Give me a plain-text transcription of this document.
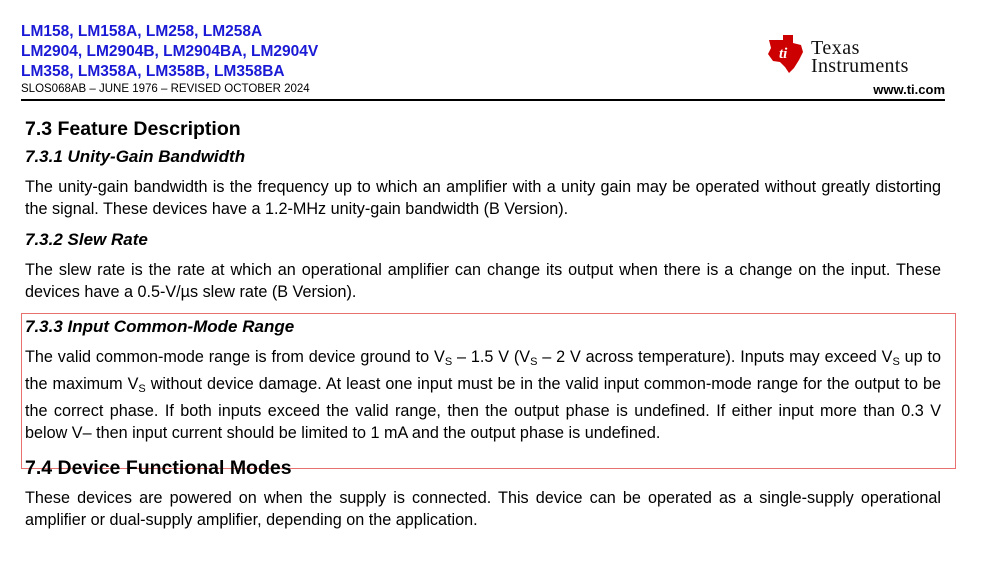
LM158, LM158A, LM258, LM258A
LM2904, LM2904B, LM2904BA, LM2904V
LM358, LM358A, LM358B, LM358BA
SLOS068AB – JUNE 1976 – REVISED OCTOBER 2024
ti Texas
Instruments
www.ti.com
7.3 Feature Description
7.3.1 Unity-Gain Bandwidth

The unity-gain bandwidth is the frequency up to which an amplifier with a unity gain may be operated without greatly distorting the signal. These devices have a 1.2-MHz unity-gain bandwidth (B Version).

7.3.2 Slew Rate

The slew rate is the rate at which an operational amplifier can change its output when there is a change on the input. These devices have a 0.5-V/µs slew rate (B Version).

7.3.3 Input Common-Mode Range

The valid common-mode range is from device ground to $V_S - 1.5$ V ($V_S - 2$ V across temperature). Inputs may exceed $V_S$ up to the maximum $V_S$ without device damage. At least one input must be in the valid input common-mode range for the output to be the correct phase. If both inputs exceed the valid range, then the output phase is undefined. If either input more than 0.3 V below V– then input current should be limited to 1 mA and the output phase is undefined.

7.4 Device Functional Modes

These devices are powered on when the supply is connected. This device can be operated as a single-supply operational amplifier or dual-supply amplifier, depending on the application.
